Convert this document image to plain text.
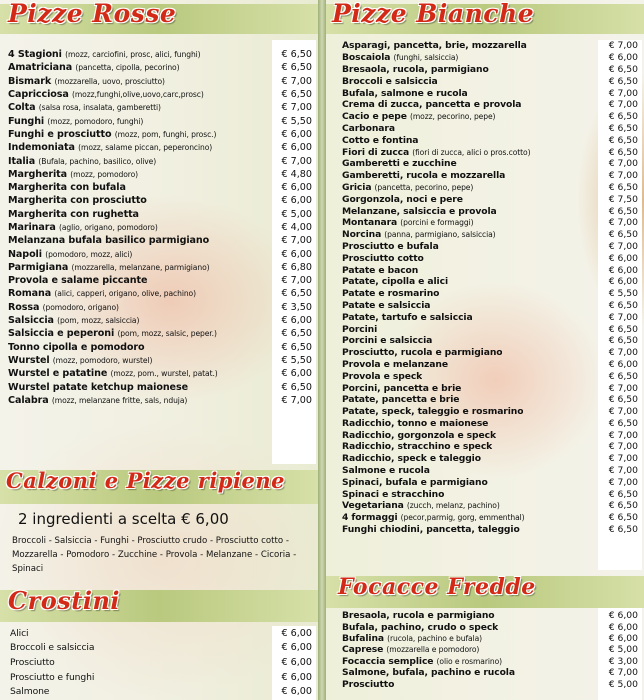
Pizze Rosse
4 Stagioni (mozz, carciofini, prosc, alici, funghi)	€ 6,50
Amatriciana (pancetta, cipolla, pecorino)	€ 6,50
Bismark (mozzarella, uovo, prosciutto)	€ 7,00
Capricciosa (mozz,funghi,olive,uovo,carc,prosc)	€ 6,50
Colta (salsa rosa, insalata, gamberetti)	€ 7,00
Funghi (mozz, pomodoro, funghi)	€ 5,50
Funghi e prosciutto (mozz, pom, funghi, prosc.)	€ 6,00
Indemoniata (mozz, salame piccan, peperoncino)	€ 6,00
Italia (Bufala, pachino, basilico, olive)	€ 7,00
Margherita (mozz, pomodoro)	€ 4,80
Margherita con bufala	€ 6,00
Margherita con prosciutto	€ 6,00
Margherita con rughetta	€ 5,00
Marinara (aglio, origano, pomodoro)	€ 4,00
Melanzana bufala basilico parmigiano	€ 7,00
Napoli (pomodoro, mozz, alici)	€ 6,00
Parmigiana (mozzarella, melanzane, parmigiano)	€ 6,80
Provola e salame piccante	€ 7,00
Romana (alici, capperi, origano, olive, pachino)	€ 6,50
Rossa (pomodoro, origano)	€ 3,50
Salsiccia (pom, mozz, salsiccia)	€ 6,00
Salsiccia e peperoni (pom, mozz, salsic, peper.)	€ 6,50
Tonno cipolla e pomodoro	€ 6,50
Wurstel (mozz, pomodoro, wurstel)	€ 5,50
Wurstel e patatine (mozz, pom., wurstel, patat.)	€ 6,00
Wurstel patate ketchup maionese	€ 6,50
Calabra (mozz, melanzane fritte, sals, nduja)	€ 7,00
Calzoni e Pizze ripiene
2 ingredienti a scelta € 6,00
Broccoli - Salsiccia - Funghi - Prosciutto crudo - Prosciutto cotto - Mozzarella - Pomodoro - Zucchine - Provola - Melanzane - Cicoria - Spinaci
Crostini
Alici	€ 6,00
Broccoli e salsiccia	€ 6,00
Prosciutto	€ 6,00
Prosciutto e funghi	€ 6,00
Salmone	€ 6,00
Pizze Bianche
Asparagi, pancetta, brie, mozzarella	€ 7,00
Boscaiola (funghi, salsiccia)	€ 6,00
Bresaola, rucola, parmigiano	€ 6,50
Broccoli e salsiccia	€ 6,50
Bufala, salmone e rucola	€ 7,00
Crema di zucca, pancetta e provola	€ 7,00
Cacio e pepe (mozz, pecorino, pepe)	€ 6,50
Carbonara	€ 6,50
Cotto e fontina	€ 6,50
Fiori di zucca (fiori di zucca, alici o pros.cotto)	€ 6,50
Gamberetti e zucchine	€ 7,00
Gamberetti, rucola e mozzarella	€ 7,00
Gricia (pancetta, pecorino, pepe)	€ 6,50
Gorgonzola, noci e pere	€ 7,50
Melanzane, salsiccia e provola	€ 6,50
Montanara (porcini e formaggi)	€ 7,00
Norcina (panna, parmigiano, salsiccia)	€ 6,50
Prosciutto e bufala	€ 7,00
Prosciutto cotto	€ 6,00
Patate e bacon	€ 6,00
Patate, cipolla e alici	€ 6,00
Patate e rosmarino	€ 5,50
Patate e salsiccia	€ 6,50
Patate, tartufo e salsiccia	€ 7,00
Porcini	€ 6,50
Porcini e salsiccia	€ 6,50
Prosciutto, rucola e parmigiano	€ 7,00
Provola e melanzane	€ 6,00
Provola e speck	€ 6,50
Porcini, pancetta e brie	€ 7,00
Patate, pancetta e brie	€ 6,50
Patate, speck, taleggio e rosmarino	€ 7,00
Radicchio, tonno e maionese	€ 6,50
Radicchio, gorgonzola e speck	€ 7,00
Radicchio, stracchino e speck	€ 7,00
Radicchio, speck e taleggio	€ 7,00
Salmone e rucola	€ 7,00
Spinaci, bufala e parmigiano	€ 7,00
Spinaci e stracchino	€ 6,50
Vegetariana (zucch, melanz, pachino)	€ 6,50
4 formaggi (pecor,parmig, gorg, emmenthal)	€ 6,50
Funghi chiodini, pancetta, taleggio	€ 6,50
Focacce Fredde
Bresaola, rucola e parmigiano	€ 6,00
Bufala, pachino, crudo o speck	€ 6,00
Bufalina (rucola, pachino e bufala)	€ 6,00
Caprese (mozzarella e pomodoro)	€ 5,00
Focaccia semplice (olio e rosmarino)	€ 3,00
Salmone, bufala, pachino e rucola	€ 7,00
Prosciutto	€ 5,00
